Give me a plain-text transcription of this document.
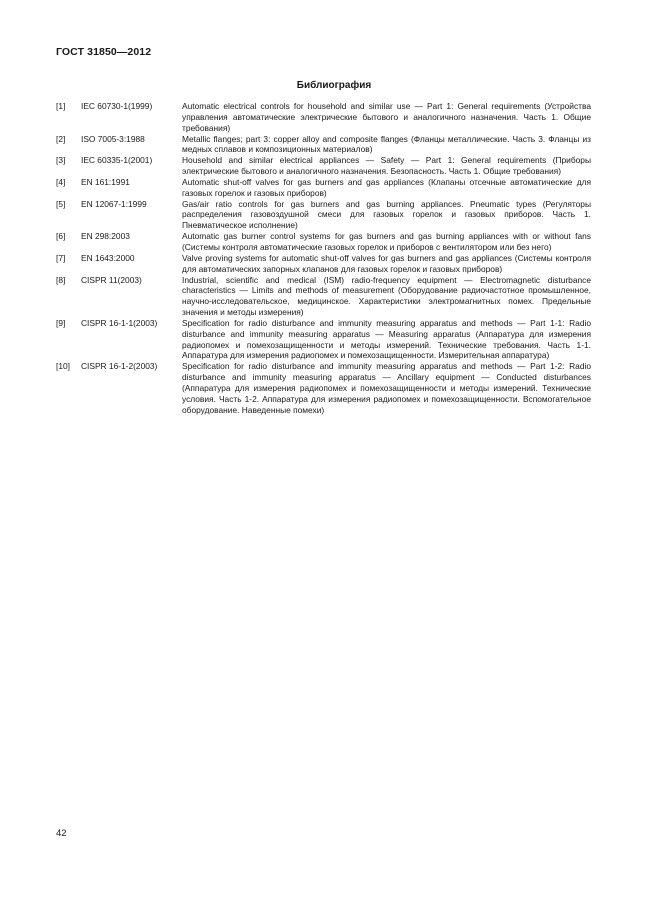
ГОСТ 31850—2012
Библиография
[1]	IEC 60730-1(1999)	Automatic electrical controls for household and similar use — Part 1: General requirements (Устройства управления автоматические электрические бытового и аналогичного назначения. Часть 1. Общие требования)
[2]	ISO 7005-3:1988	Metallic flanges; part 3: copper alloy and composite flanges (Фланцы металлические. Часть 3. Фланцы из медных сплавов и композиционных материалов)
[3]	IEC 60335-1(2001)	Household and similar electrical appliances — Safety — Part 1: General requirements (Приборы электрические бытового и аналогичного назначения. Безопасность. Часть 1. Общие требования)
[4]	EN 161:1991	Automatic shut-off valves for gas burners and gas appliances (Клапаны отсечные автоматические для газовых горелок и газовых приборов)
[5]	EN 12067-1:1999	Gas/air ratio controls for gas burners and gas burning appliances. Pneumatic types (Регуляторы распределения газовоздушной смеси для газовых горелок и газовых приборов. Часть 1. Пневматическое исполнение)
[6]	EN 298:2003	Automatic gas burner control systems for gas burners and gas burning appliances with or without fans (Системы контроля автоматические газовых горелок и приборов с вентилятором или без него)
[7]	EN 1643:2000	Valve proving systems for automatic shut-off valves for gas burners and gas appliances (Системы контроля для автоматических запорных клапанов для газовых горелок и газовых приборов)
[8]	CISPR 11(2003)	Industrial, scientific and medical (ISM) radio-frequency equipment — Electromagnetic disturbance characteristics — Limits and methods of measurement (Оборудование радиочастотное промышленное, научно-исследовательское, медицинское. Характеристики электромагнитных помех. Предельные значения и методы измерения)
[9]	CISPR 16-1-1(2003)	Specification for radio disturbance and immunity measuring apparatus and methods — Part 1-1: Radio disturbance and immunity measuring apparatus — Measuring apparatus (Аппаратура для измерения радиопомех и помехозащищенности и методы измерений. Технические требования. Часть 1-1. Аппаратура для измерения радиопомех и помехозащищенности. Измерительная аппаратура)
[10]	CISPR 16-1-2(2003)	Specification for radio disturbance and immunity measuring apparatus and methods — Part 1-2: Radio disturbance and immunity measuring apparatus — Ancillary equipment — Conducted disturbances (Аппаратура для измерения радиопомех и помехозащищенности и методы измерений. Технические условия. Часть 1-2. Аппаратура для измерения радиопомех и помехозащищенности. Вспомогательное оборудование. Наведенные помехи)
42
